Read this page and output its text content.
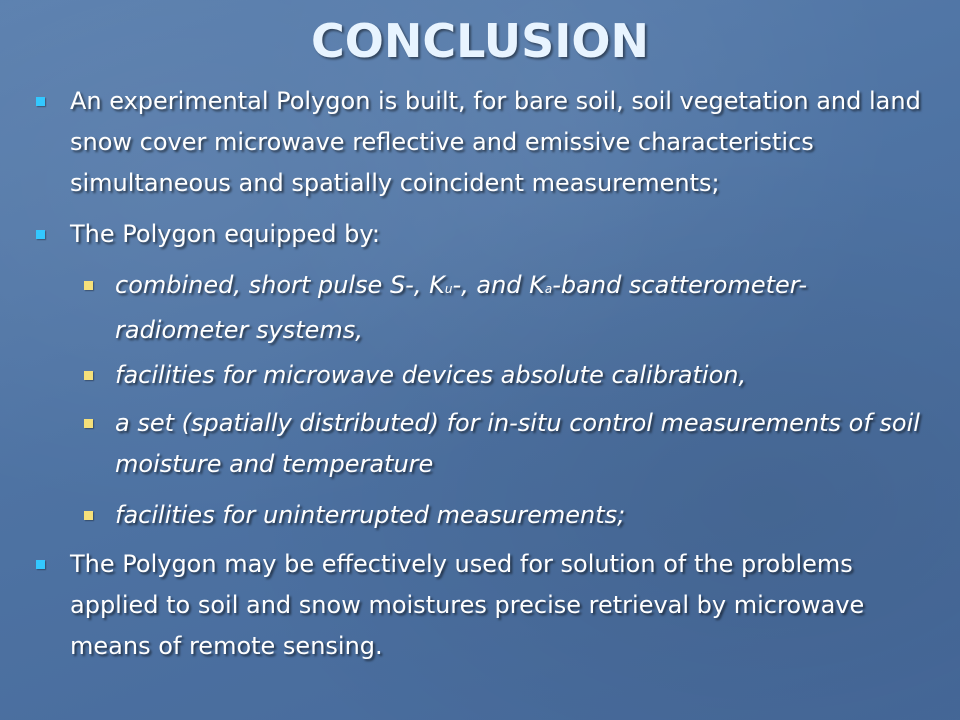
CONCLUSION
An experimental Polygon is built, for bare soil, soil vegetation and land snow cover microwave reflective and emissive characteristics simultaneous and spatially coincident measurements;
The Polygon equipped by:
combined, short pulse S-, Ku-, and Ka-band scatterometer-radiometer systems,
facilities for microwave devices absolute calibration,
a set (spatially distributed) for in-situ control measurements of soil moisture and temperature
facilities for uninterrupted measurements;
The Polygon may be effectively used for solution of the problems applied to soil and snow moistures precise retrieval by microwave means of remote sensing.
